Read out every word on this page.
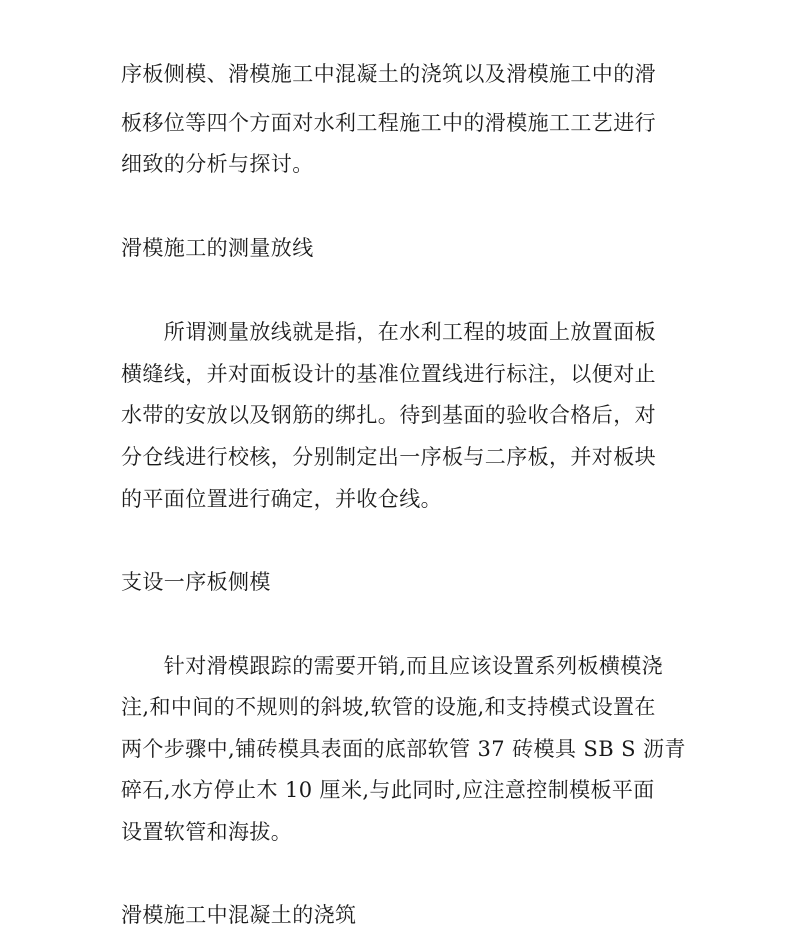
序板侧模、滑模施工中混凝土的浇筑以及滑模施工中的滑
板移位等四个方面对水利工程施工中的滑模施工工艺进行
细致的分析与探讨。
滑模施工的测量放线
　　所谓测量放线就是指，在水利工程的坡面上放置面板
横缝线，并对面板设计的基准位置线进行标注，以便对止
水带的安放以及钢筋的绑扎。待到基面的验收合格后，对
分仓线进行校核，分别制定出一序板与二序板，并对板块
的平面位置进行确定，并收仓线。
支设一序板侧模
　　针对滑模跟踪的需要开销,而且应该设置系列板横模浇
注,和中间的不规则的斜坡,软管的设施,和支持模式设置在
两个步骤中,铺砖模具表面的底部软管 37 砖模具 SB S 沥青
碎石,水方停止木 10 厘米,与此同时,应注意控制模板平面
设置软管和海拔。
滑模施工中混凝土的浇筑
